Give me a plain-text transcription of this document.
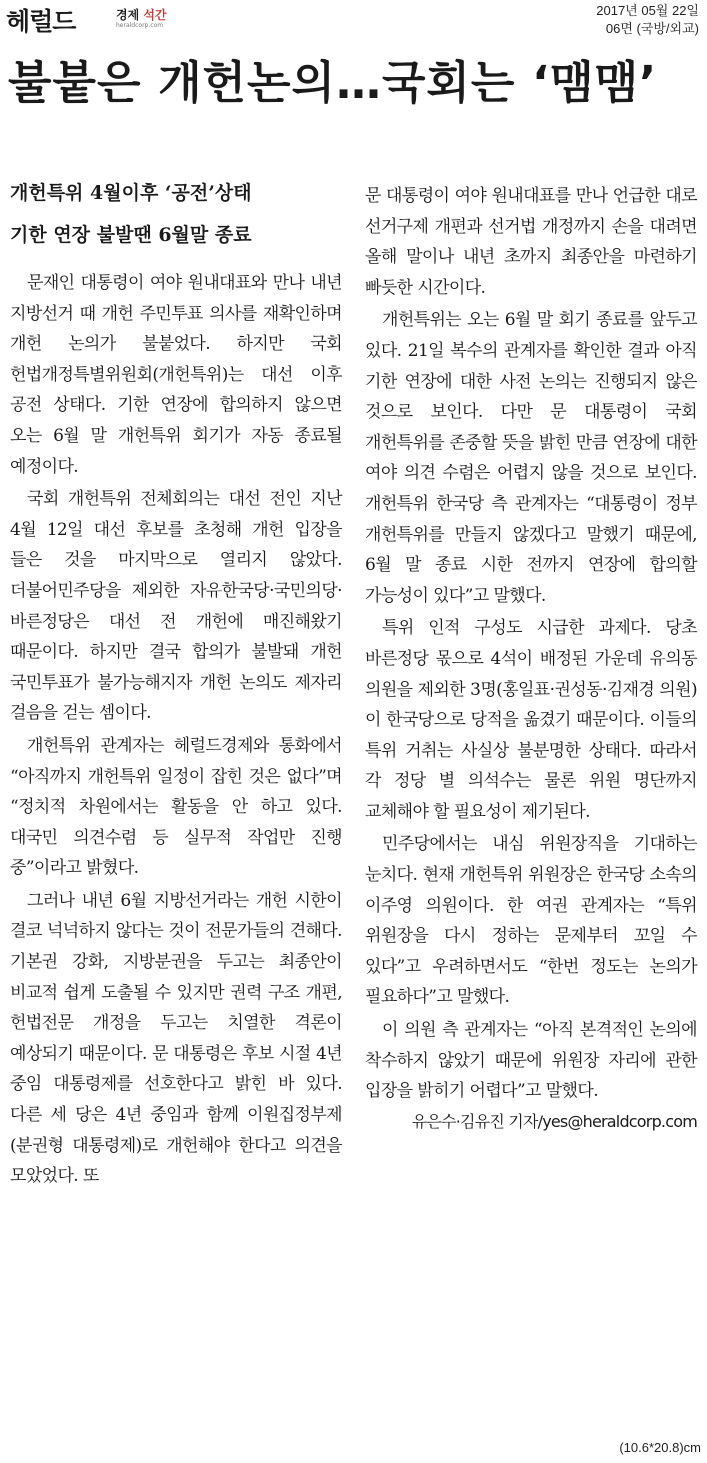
헤럴드	경제 석간
heraldcorp.com
2017년 05월 22일
06면 (국방/외교)
불붙은 개헌논의…국회는 ‘맴맴’
개헌특위 4월이후 ‘공전’상태
기한 연장 불발땐 6월말 종료

문재인 대통령이 여야 원내대표와 만나 내년 지방선거 때 개헌 주민투표 의사를 재확인하며 개헌 논의가 불붙었다. 하지만 국회 헌법개정특별위원회(개헌특위)는 대선 이후 공전 상태다. 기한 연장에 합의하지 않으면 오는 6월 말 개헌특위 회기가 자동 종료될 예정이다.

국회 개헌특위 전체회의는 대선 전인 지난 4월 12일 대선 후보를 초청해 개헌 입장을 들은 것을 마지막으로 열리지 않았다. 더불어민주당을 제외한 자유한국당·국민의당·바른정당은 대선 전 개헌에 매진해왔기 때문이다. 하지만 결국 합의가 불발돼 개헌 국민투표가 불가능해지자 개헌 논의도 제자리 걸음을 걷는 셈이다.

개헌특위 관계자는 헤럴드경제와 통화에서 “아직까지 개헌특위 일정이 잡힌 것은 없다”며 “정치적 차원에서는 활동을 안 하고 있다. 대국민 의견수렴 등 실무적 작업만 진행 중”이라고 밝혔다.

그러나 내년 6월 지방선거라는 개헌 시한이 결코 넉넉하지 않다는 것이 전문가들의 견해다. 기본권 강화, 지방분권을 두고는 최종안이 비교적 쉽게 도출될 수 있지만 권력 구조 개편, 헌법전문 개정을 두고는 치열한 격론이 예상되기 때문이다. 문 대통령은 후보 시절 4년 중임 대통령제를 선호한다고 밝힌 바 있다. 다른 세 당은 4년 중임과 함께 이원집정부제(분권형 대통령제)로 개헌해야 한다고 의견을 모았었다. 또

문 대통령이 여야 원내대표를 만나 언급한 대로 선거구제 개편과 선거법 개정까지 손을 대려면 올해 말이나 내년 초까지 최종안을 마련하기 빠듯한 시간이다.

개헌특위는 오는 6월 말 회기 종료를 앞두고 있다. 21일 복수의 관계자를 확인한 결과 아직 기한 연장에 대한 사전 논의는 진행되지 않은 것으로 보인다. 다만 문 대통령이 국회 개헌특위를 존중할 뜻을 밝힌 만큼 연장에 대한 여야 의견 수렴은 어렵지 않을 것으로 보인다. 개헌특위 한국당 측 관계자는 “대통령이 정부 개헌특위를 만들지 않겠다고 말했기 때문에, 6월 말 종료 시한 전까지 연장에 합의할 가능성이 있다”고 말했다.

특위 인적 구성도 시급한 과제다. 당초 바른정당 몫으로 4석이 배정된 가운데 유의동 의원을 제외한 3명(홍일표·권성동·김재경 의원)이 한국당으로 당적을 옮겼기 때문이다. 이들의 특위 거취는 사실상 불분명한 상태다. 따라서 각 정당 별 의석수는 물론 위원 명단까지 교체해야 할 필요성이 제기된다.

민주당에서는 내심 위원장직을 기대하는 눈치다. 현재 개헌특위 위원장은 한국당 소속의 이주영 의원이다. 한 여권 관계자는 “특위 위원장을 다시 정하는 문제부터 꼬일 수 있다”고 우려하면서도 “한번 정도는 논의가 필요하다”고 말했다.

이 의원 측 관계자는 “아직 본격적인 논의에 착수하지 않았기 때문에 위원장 자리에 관한 입장을 밝히기 어렵다”고 말했다.

유은수·김유진 기자/yes@heraldcorp.com
(10.6*20.8)cm
